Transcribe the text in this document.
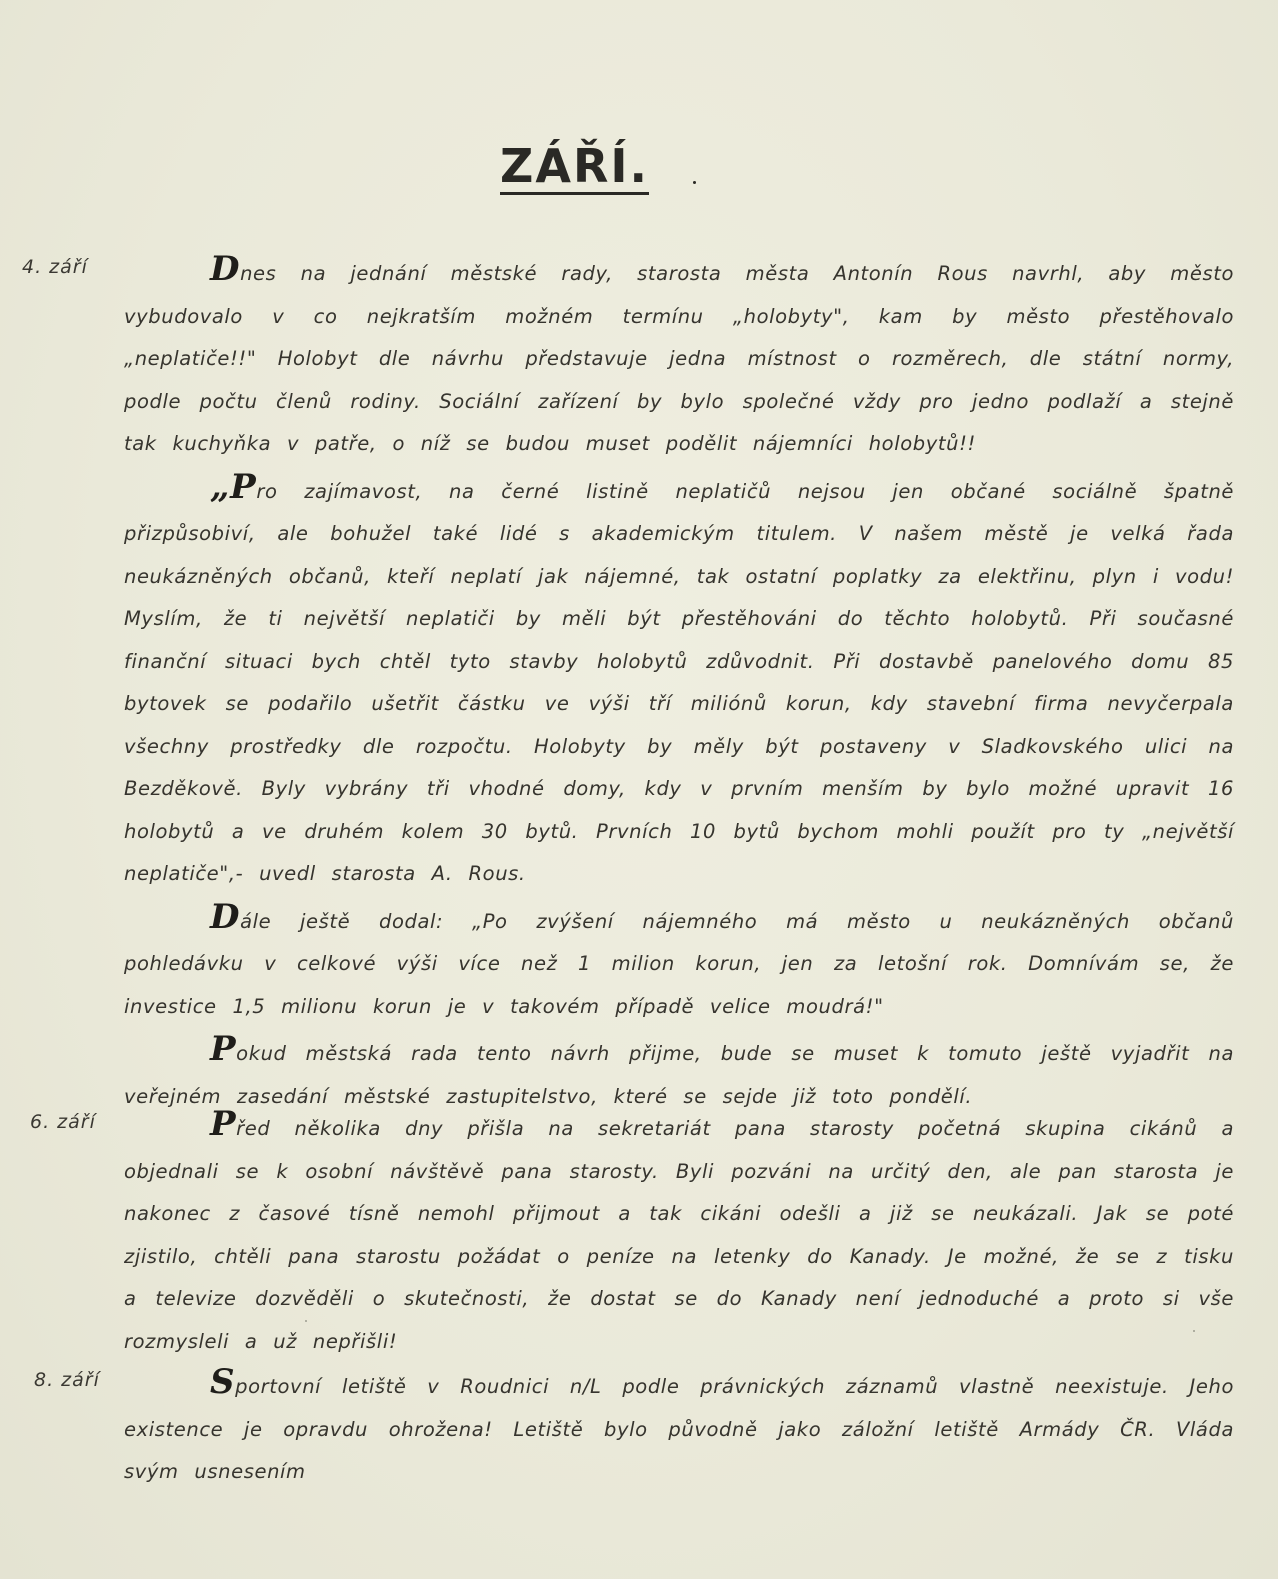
ZÁŘÍ.
4. září	Dnes na jednání městské rady, starosta města Antonín Rous navrhl, aby město vybudovalo v co nejkratším možném termínu „holobyty", kam by město přestěhovalo „neplatiče!!" Holobyt dle návrhu představuje jedna místnost o rozměrech, dle státní normy, podle počtu členů rodiny. Sociální zařízení by bylo společné vždy pro jedno podlaží a stejně tak kuchyňka v patře, o níž se budou muset podělit nájemníci holobytů!!

„Pro zajímavost, na černé listině neplatičů nejsou jen občané sociálně špatně přizpůsobiví, ale bohužel také lidé s akademickým titulem. V našem městě je velká řada neukázněných občanů, kteří neplatí jak nájemné, tak ostatní poplatky za elektřinu, plyn i vodu! Myslím, že ti největší neplatiči by měli být přestěhováni do těchto holobytů. Při současné finanční situaci bych chtěl tyto stavby holobytů zdůvodnit. Při dostavbě panelového domu 85 bytovek se podařilo ušetřit částku ve výši tří miliónů korun, kdy stavební firma nevyčerpala všechny prostředky dle rozpočtu. Holobyty by měly být postaveny v Sladkovského ulici na Bezděkově. Byly vybrány tři vhodné domy, kdy v prvním menším by bylo možné upravit 16 holobytů a ve druhém kolem 30 bytů. Prvních 10 bytů bychom mohli použít pro ty „největší neplatiče",- uvedl starosta A. Rous.

Dále ještě dodal: „Po zvýšení nájemného má město u neukázněných občanů pohledávku v celkové výši více než 1 milion korun, jen za letošní rok. Domnívám se, že investice 1,5 milionu korun je v takovém případě velice moudrá!"

Pokud městská rada tento návrh přijme, bude se muset k tomuto ještě vyjadřit na veřejném zasedání městské zastupitelstvo, které se sejde již toto pondělí.

6. září	Před několika dny přišla na sekretariát pana starosty početná skupina cikánů a objednali se k osobní návštěvě pana starosty. Byli pozváni na určitý den, ale pan starosta je nakonec z časové tísně nemohl přijmout a tak cikáni odešli a již se neukázali. Jak se poté zjistilo, chtěli pana starostu požádat o peníze na letenky do Kanady. Je možné, že se z tisku a televize dozvěděli o skutečnosti, že dostat se do Kanady není jednoduché a proto si vše rozmysleli a už nepřišli!

8. září	Sportovní letiště v Roudnici n/L podle právnických záznamů vlastně neexistuje. Jeho existence je opravdu ohrožena! Letiště bylo původně jako záložní letiště Armády ČR. Vláda svým usnesením
